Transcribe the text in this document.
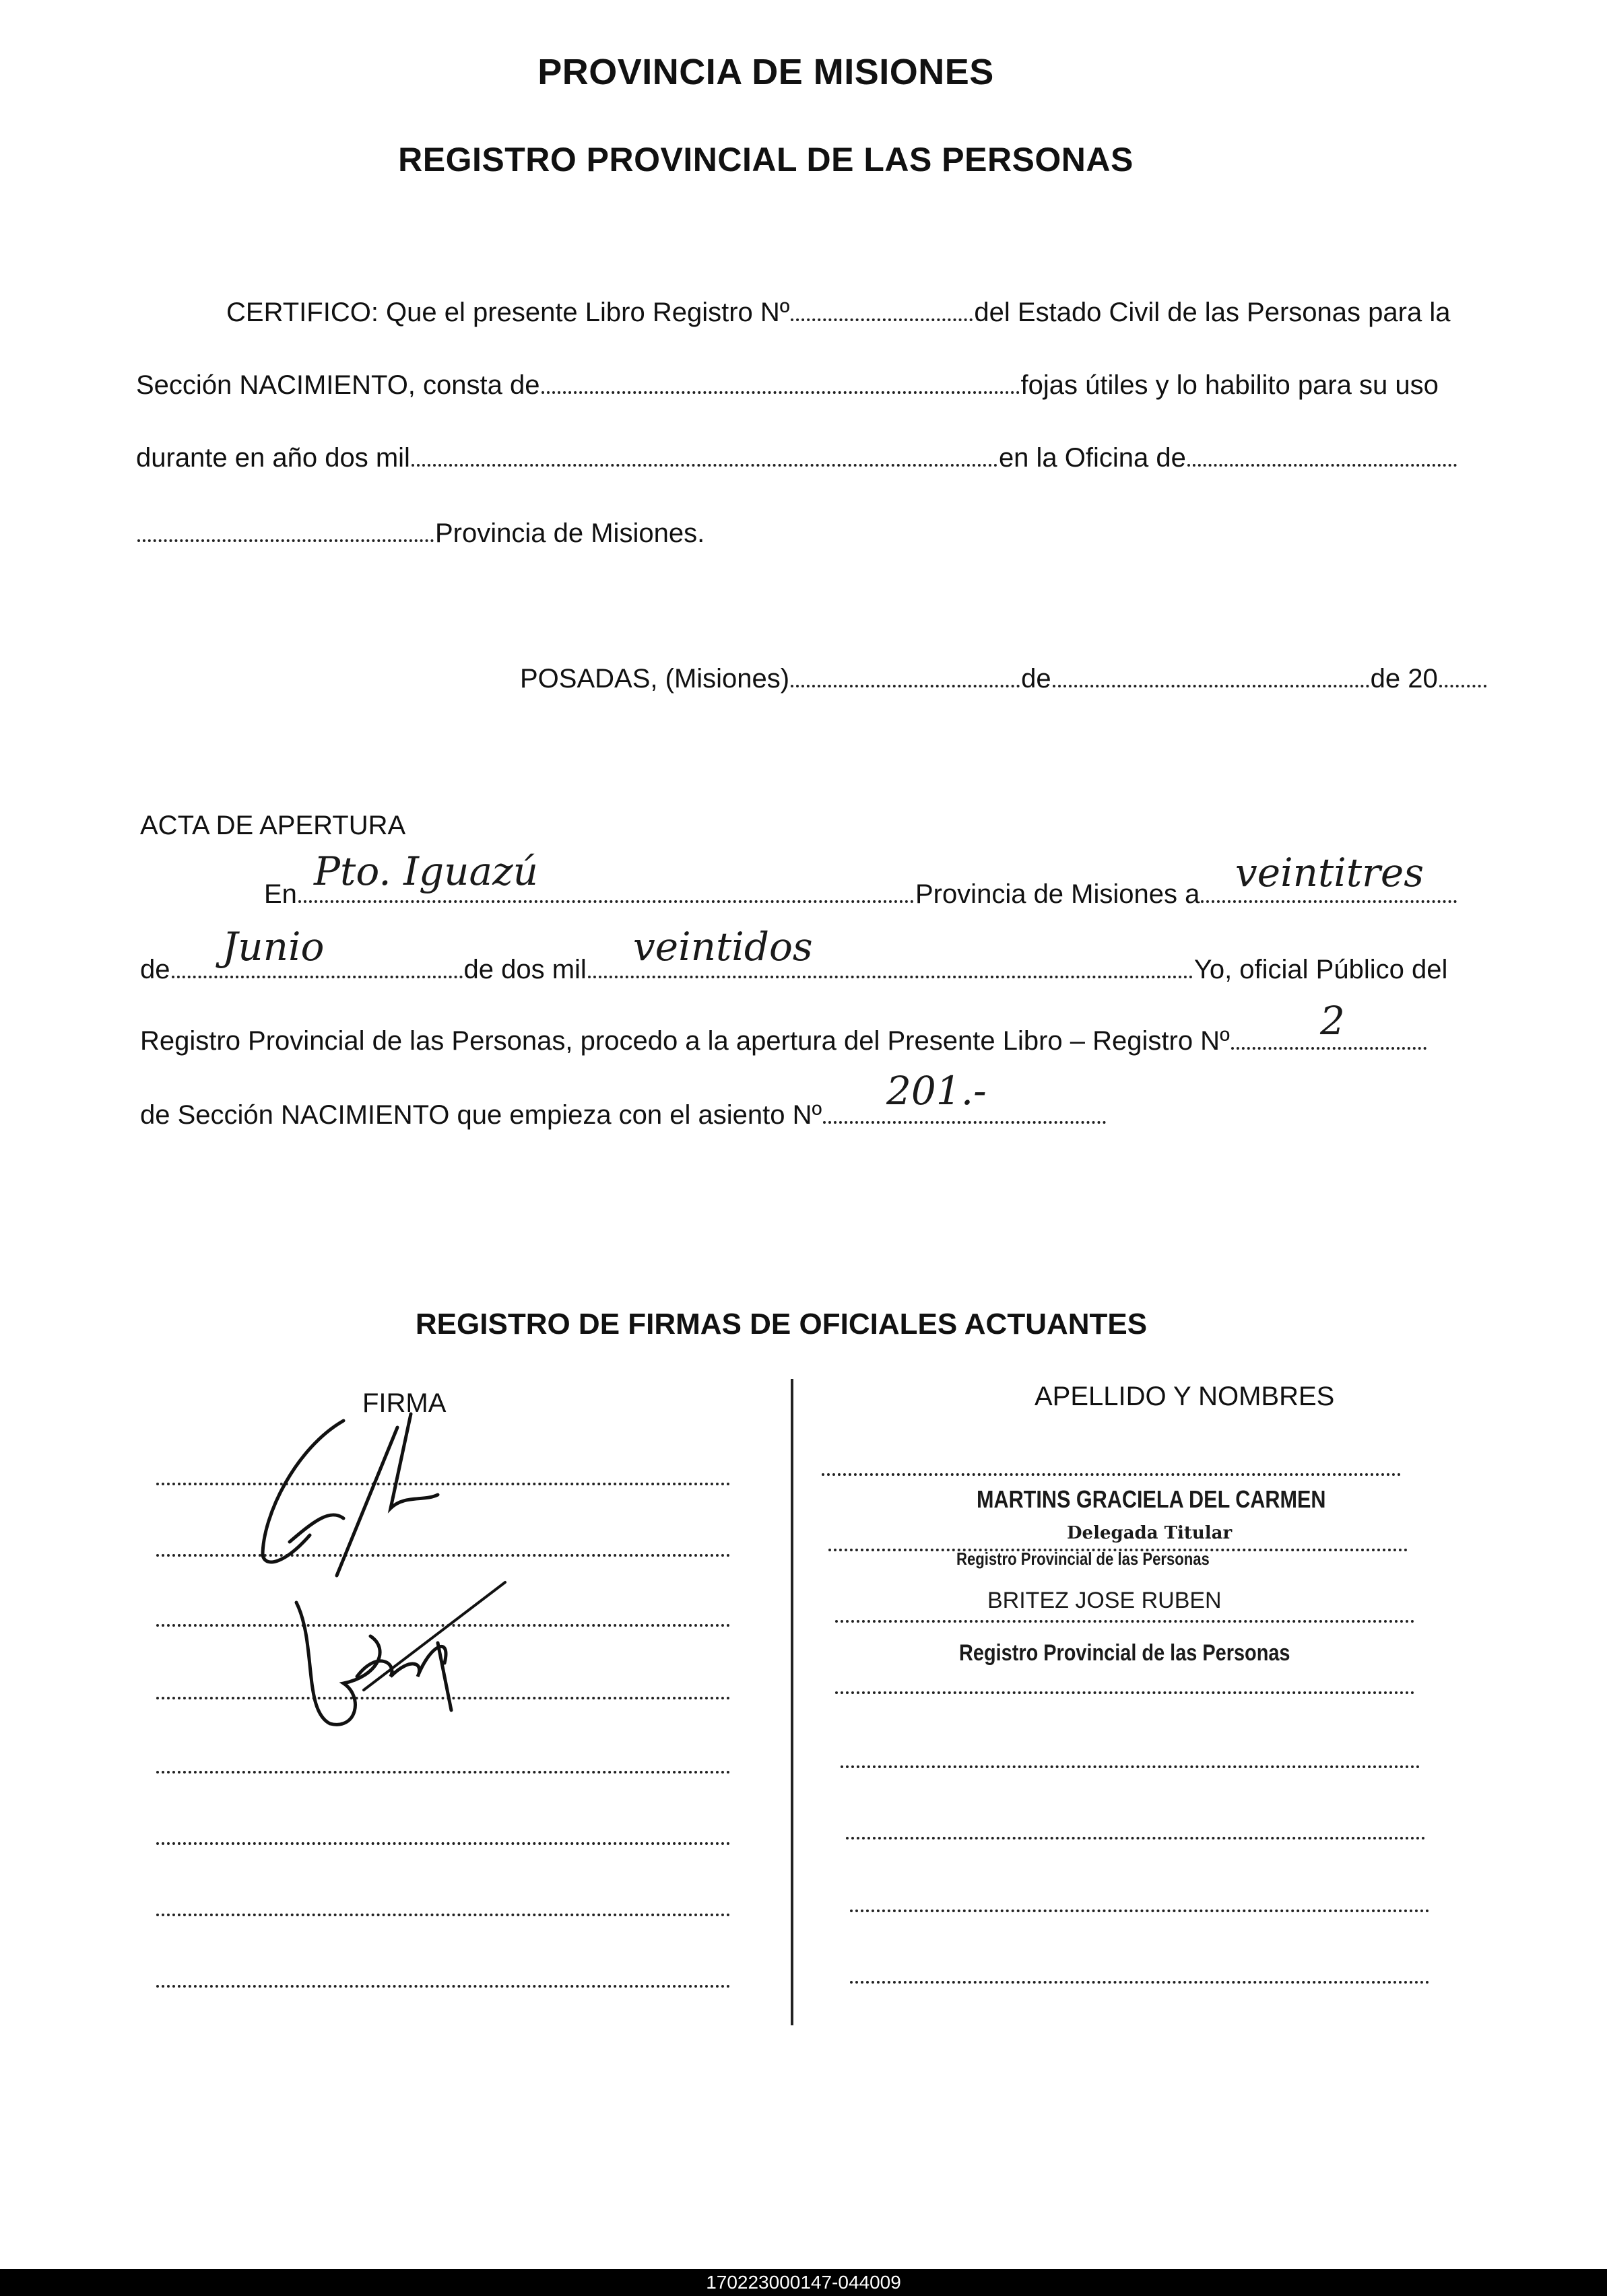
PROVINCIA DE MISIONES
REGISTRO PROVINCIAL DE LAS PERSONAS
CERTIFICO: Que el presente Libro Registro Nº	del Estado Civil de las Personas para la
Sección NACIMIENTO, consta de	fojas útiles y lo habilito para su uso
durante en año dos mil	en la Oficina de
Provincia de Misiones.
POSADAS, (Misiones)	de	de 20
ACTA DE APERTURA
En	Provincia de Misiones a
Pto. Iguazú	veintitres
de	de dos mil	Yo, oficial Público del
Junio	veintidos
Registro Provincial de las Personas, procedo a la apertura del Presente Libro – Registro Nº	2
de Sección NACIMIENTO que empieza con el asiento Nº
201.-
REGISTRO DE FIRMAS DE OFICIALES ACTUANTES
FIRMA	APELLIDO Y NOMBRES
MARTINS GRACIELA DEL CARMEN
Delegada Titular
Registro Provincial de las Personas
BRITEZ JOSE RUBEN
Registro Provincial de las Personas
170223000147-044009
